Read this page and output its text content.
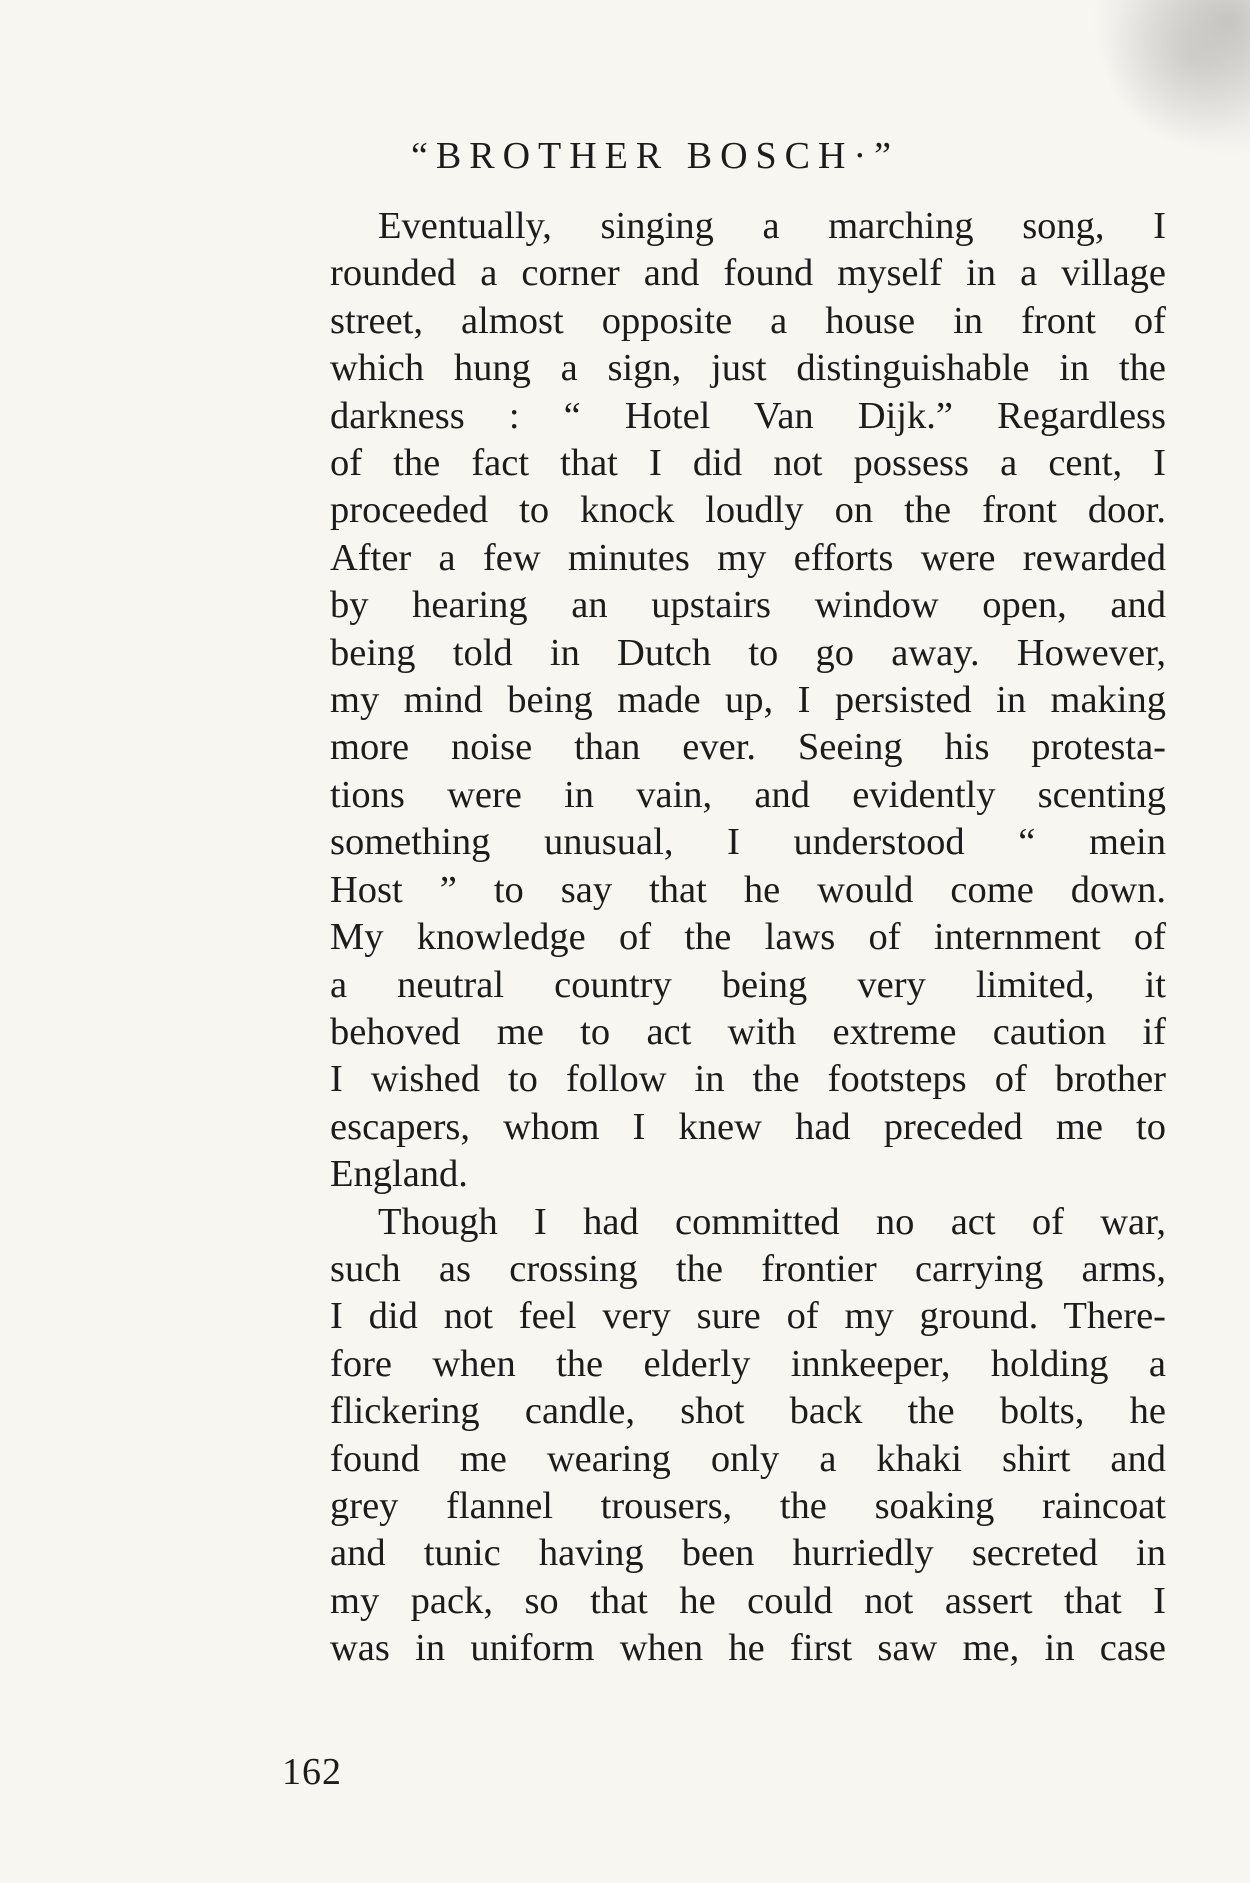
“BROTHER BOSCH·”
Eventually, singing a marching song, I
rounded a corner and found myself in a village
street, almost opposite a house in front of
which hung a sign, just distinguishable in the
darkness : “ Hotel Van Dijk.” Regardless
of the fact that I did not possess a cent, I
proceeded to knock loudly on the front door.
After a few minutes my efforts were rewarded
by hearing an upstairs window open, and
being told in Dutch to go away. However,
my mind being made up, I persisted in making
more noise than ever. Seeing his protesta-
tions were in vain, and evidently scenting
something unusual, I understood “ mein
Host ” to say that he would come down.
My knowledge of the laws of internment of
a neutral country being very limited, it
behoved me to act with extreme caution if
I wished to follow in the footsteps of brother
escapers, whom I knew had preceded me to
England.
Though I had committed no act of war,
such as crossing the frontier carrying arms,
I did not feel very sure of my ground. There-
fore when the elderly innkeeper, holding a
flickering candle, shot back the bolts, he
found me wearing only a khaki shirt and
grey flannel trousers, the soaking raincoat
and tunic having been hurriedly secreted in
my pack, so that he could not assert that I
was in uniform when he first saw me, in case
162
